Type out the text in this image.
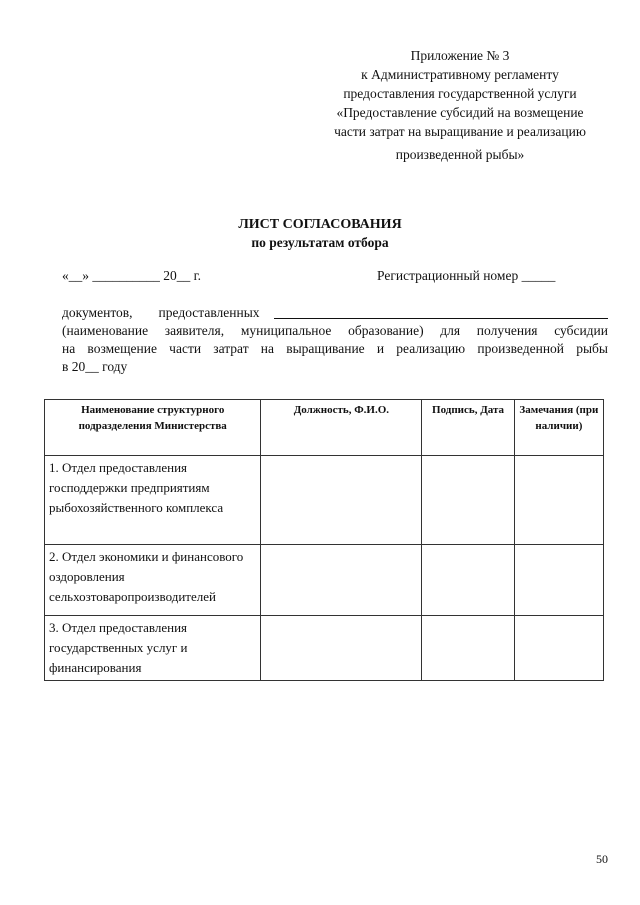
Приложение № 3
к Административному регламенту
предоставления государственной услуги
«Предоставление субсидий на возмещение
части затрат на выращивание и реализацию
произведенной рыбы»
ЛИСТ СОГЛАСОВАНИЯ
по результатам отбора
«__» __________ 20__ г.	Регистрационный номер _____
документов, предоставленных
(наименование заявителя, муниципальное образование) для получения субсидии
на возмещение части затрат на выращивание и реализацию произведенной рыбы
в 20__ году
Наименование структурного подразделения Министерства	Должность, Ф.И.О.	Подпись, Дата	Замечания (при наличии)
1. Отдел предоставления господдержки предприятиям рыбохозяйственного комплекса			
2. Отдел экономики и финансового оздоровления сельхозтоваропроизводителей			
3. Отдел предоставления государственных услуг и финансирования			
50
